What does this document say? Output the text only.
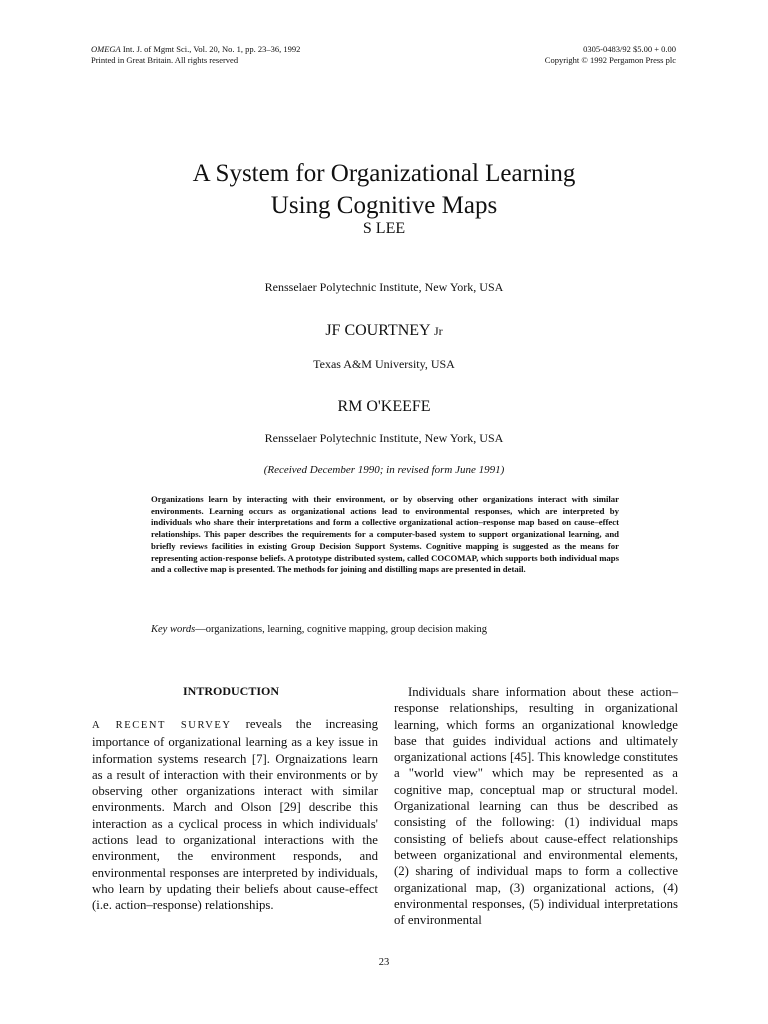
OMEGA Int. J. of Mgmt Sci., Vol. 20, No. 1, pp. 23–36, 1992
Printed in Great Britain. All rights reserved
0305-0483/92 $5.00 + 0.00
Copyright © 1992 Pergamon Press plc
A System for Organizational Learning
Using Cognitive Maps
S LEE
Rensselaer Polytechnic Institute, New York, USA
JF COURTNEY Jr
Texas A&M University, USA
RM O'KEEFE
Rensselaer Polytechnic Institute, New York, USA
(Received December 1990; in revised form June 1991)
Organizations learn by interacting with their environment, or by observing other organizations interact with similar environments. Learning occurs as organizational actions lead to environmental responses, which are interpreted by individuals who share their interpretations and form a collective organizational action–response map based on cause–effect relationships. This paper describes the requirements for a computer-based system to support organizational learning, and briefly reviews facilities in existing Group Decision Support Systems. Cognitive mapping is suggested as the means for representing action-response beliefs. A prototype distributed system, called COCOMAP, which supports both individual maps and a collective map is presented. The methods for joining and distilling maps are presented in detail.
Key words—organizations, learning, cognitive mapping, group decision making
INTRODUCTION
A RECENT SURVEY reveals the increasing importance of organizational learning as a key issue in information systems research [7]. Orgnaizations learn as a result of interaction with their environments or by observing other organizations interact with similar environments. March and Olson [29] describe this interaction as a cyclical process in which individuals' actions lead to organizational interactions with the environment, the environment responds, and environmental responses are interpreted by individuals, who learn by updating their beliefs about cause-effect (i.e. action–response) relationships.
Individuals share information about these action–response relationships, resulting in organizational learning, which forms an organizational knowledge base that guides individual actions and ultimately organizational actions [45]. This knowledge constitutes a "world view" which may be represented as a cognitive map, conceptual map or structural model. Organizational learning can thus be described as consisting of the following: (1) individual maps consisting of beliefs about cause-effect relationships between organizational and environmental elements, (2) sharing of individual maps to form a collective organizational map, (3) organizational actions, (4) environmental responses, (5) individual interpretations of environmental
23
